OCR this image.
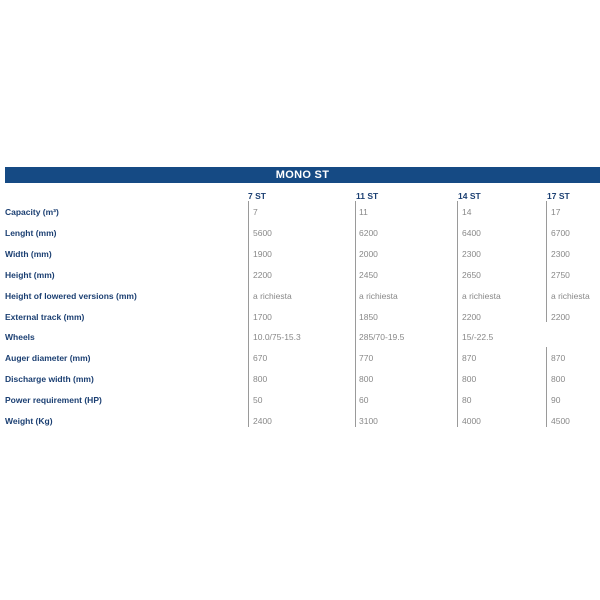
MONO ST
7 ST	11 ST	14 ST	17 ST
Capacity (m³)	7	11	14	17
Lenght (mm)	5600	6200	6400	6700
Width (mm)	1900	2000	2300	2300
Height (mm)	2200	2450	2650	2750
Height of lowered versions (mm)	a richiesta	a richiesta	a richiesta	a richiesta
External track (mm)	1700	1850	2200	2200
Wheels	10.0/75-15.3	285/70-19.5	15/-22.5
Auger diameter (mm)	670	770	870	870
Discharge width (mm)	800	800	800	800
Power requirement (HP)	50	60	80	90
Weight (Kg)	2400	3100	4000	4500
